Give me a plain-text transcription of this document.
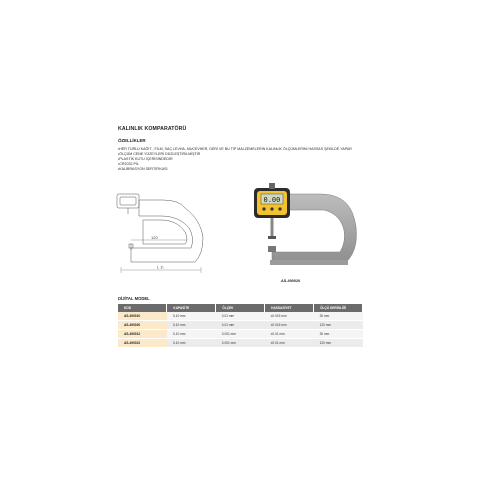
KALINLIK KOMPARATÖRÜ
ÖZELLİKLER
• HER TÜRLÜ KAĞIT , FİLM, SAÇ LEVHA, MUCEVHER, DERİ VE BU TİP MALZEMELERİN KALINLIK ÖLÇÜMLERİNİ HASSAS ŞEKİLDE YAPAR
• ÖLÇÜM CENE YÜZEYLERİ DÜZLEŞTİRİLMİŞTİR
• PLASTİK KUTU İÇERİSİNDEDİR
• CR2032 PİL
• KALİBRASYON SERTİFİKASI
120
L 1\
0.00
AS-490020
DİJİTAL MODEL
KOD	KAPASİTE	ÖLÇEK	HASSASİYET	ÖLÇÜ DERİNLİĞİ
AS-490010	0-10 mm	0.01 mm	±0.015 mm	30 mm
AS-490020	0-10 mm	0.01 mm	±0.015 mm	120 mm
AS-490012	0-10 mm	0.001 mm	±0.01 mm	30 mm
AS-490022	0-10 mm	0.001 mm	±0.01 mm	120 mm
